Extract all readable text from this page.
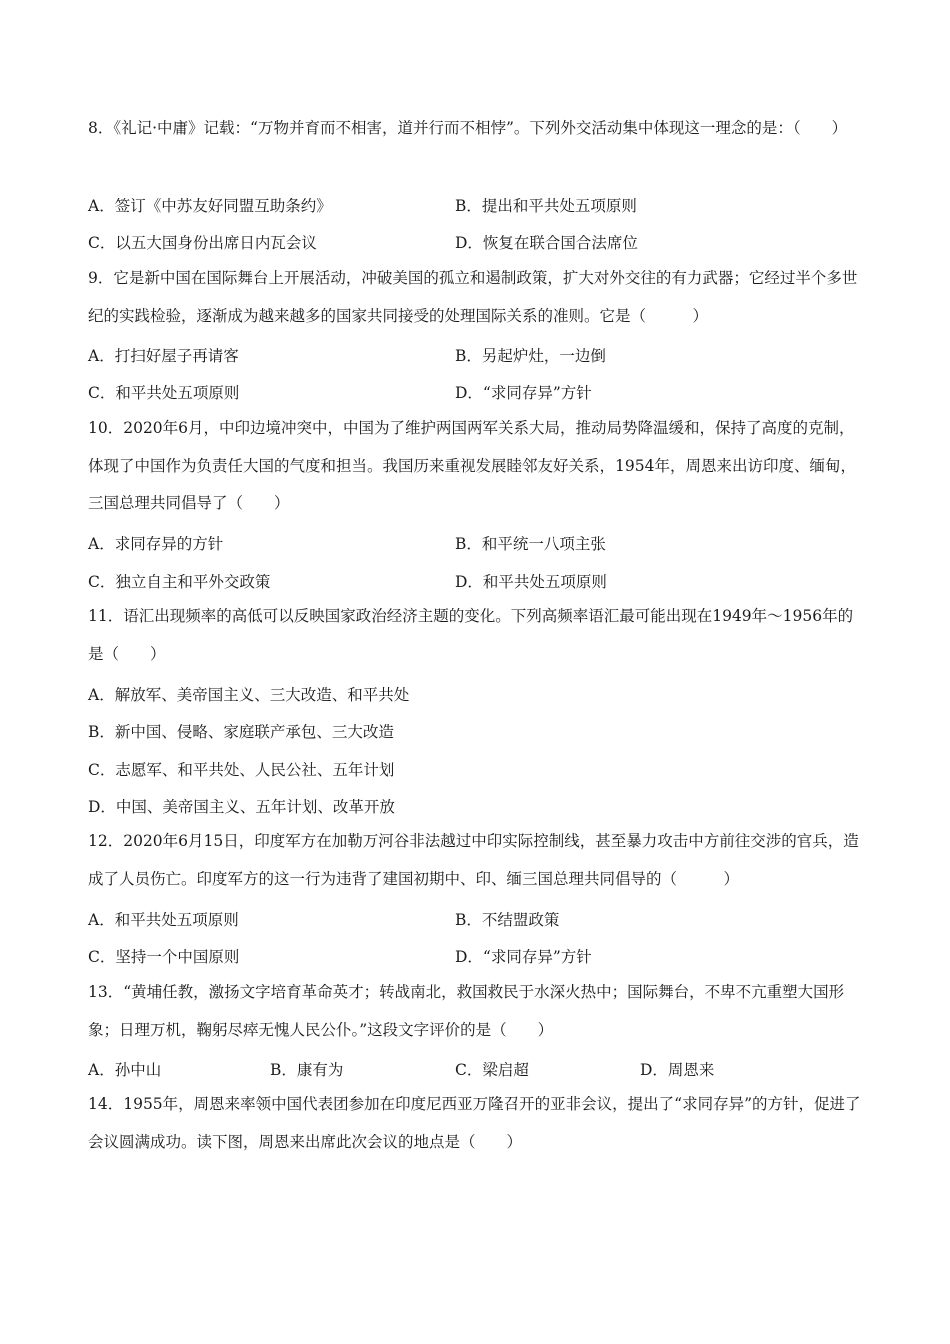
8．《礼记·中庸》记载：“万物并育而不相害，道并行而不相悖”。下列外交活动集中体现这一理念的是：（　　）
A．签订《中苏友好同盟互助条约》	B．提出和平共处五项原则
C．以五大国身份出席日内瓦会议	D．恢复在联合国合法席位
9．它是新中国在国际舞台上开展活动，冲破美国的孤立和遏制政策，扩大对外交往的有力武器；它经过半个多世纪的实践检验，逐渐成为越来越多的国家共同接受的处理国际关系的准则。它是（　　　）
A．打扫好屋子再请客	B．另起炉灶，一边倒
C．和平共处五项原则	D．“求同存异”方针
10．2020年6月，中印边境冲突中，中国为了维护两国两军关系大局，推动局势降温缓和，保持了高度的克制，体现了中国作为负责任大国的气度和担当。我国历来重视发展睦邻友好关系，1954年，周恩来出访印度、缅甸，三国总理共同倡导了（　　）
A．求同存异的方针	B．和平统一八项主张
C．独立自主和平外交政策	D．和平共处五项原则
11．语汇出现频率的高低可以反映国家政治经济主题的变化。下列高频率语汇最可能出现在1949年～1956年的是（　　）
A．解放军、美帝国主义、三大改造、和平共处
B．新中国、侵略、家庭联产承包、三大改造
C．志愿军、和平共处、人民公社、五年计划
D．中国、美帝国主义、五年计划、改革开放
12．2020年6月15日，印度军方在加勒万河谷非法越过中印实际控制线，甚至暴力攻击中方前往交涉的官兵，造成了人员伤亡。印度军方的这一行为违背了建国初期中、印、缅三国总理共同倡导的（　　　）
A．和平共处五项原则	B．不结盟政策
C．坚持一个中国原则	D．“求同存异”方针
13．“黄埔任教，激扬文字培育革命英才；转战南北，救国救民于水深火热中；国际舞台，不卑不亢重塑大国形象；日理万机，鞠躬尽瘁无愧人民公仆。”这段文字评价的是（　　）
A．孙中山	B．康有为	C．梁启超	D．周恩来
14．1955年，周恩来率领中国代表团参加在印度尼西亚万隆召开的亚非会议，提出了“求同存异”的方针，促进了会议圆满成功。读下图，周恩来出席此次会议的地点是（　　）
